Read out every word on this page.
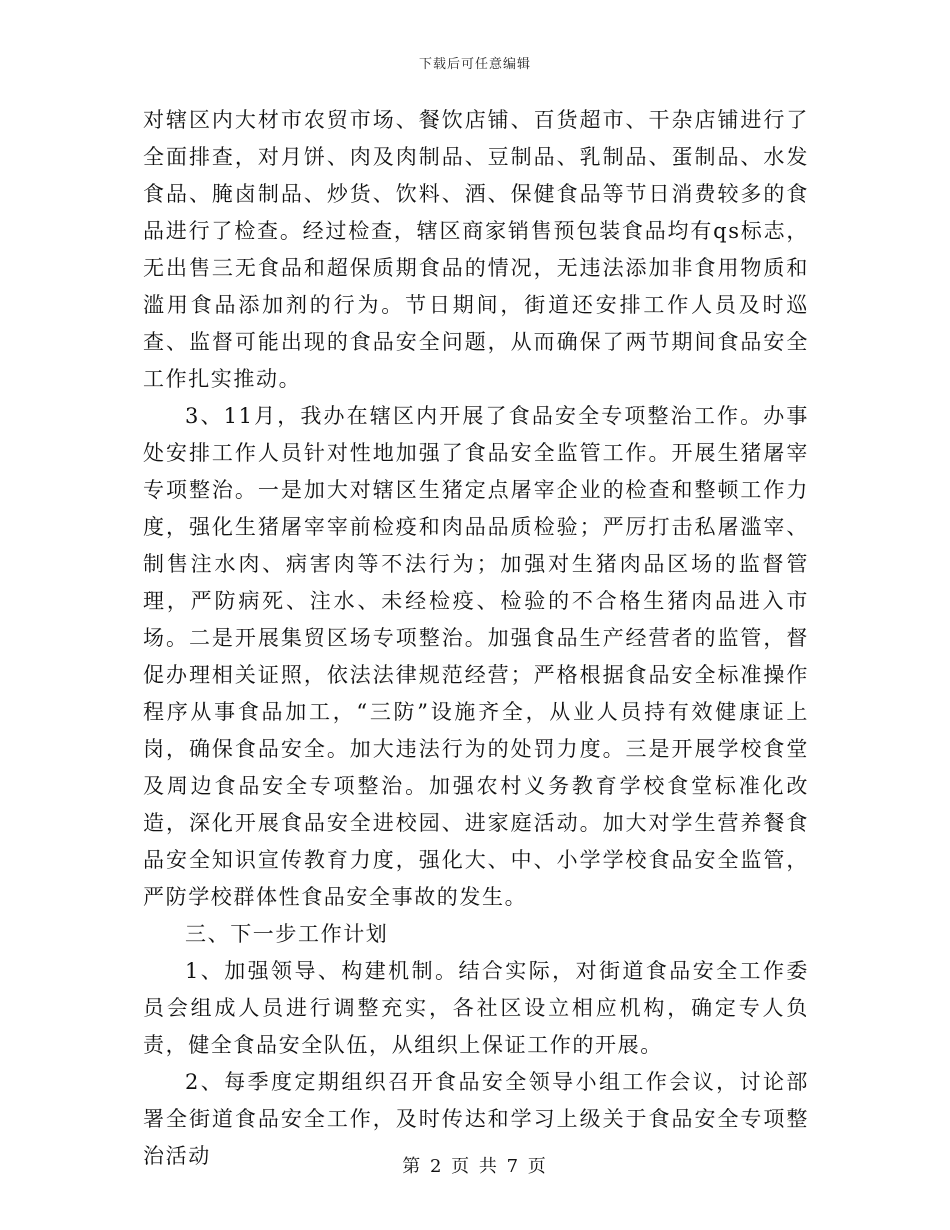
下载后可任意编辑

对辖区内大材市农贸市场、餐饮店铺、百货超市、干杂店铺进行了全面排查，对月饼、肉及肉制品、豆制品、乳制品、蛋制品、水发食品、腌卤制品、炒货、饮料、酒、保健食品等节日消费较多的食品进行了检查。经过检查，辖区商家销售预包装食品均有qs标志，无出售三无食品和超保质期食品的情况，无违法添加非食用物质和滥用食品添加剂的行为。节日期间，街道还安排工作人员及时巡查、监督可能出现的食品安全问题，从而确保了两节期间食品安全工作扎实推动。

3、11月，我办在辖区内开展了食品安全专项整治工作。办事处安排工作人员针对性地加强了食品安全监管工作。开展生猪屠宰专项整治。一是加大对辖区生猪定点屠宰企业的检查和整顿工作力度，强化生猪屠宰宰前检疫和肉品品质检验；严厉打击私屠滥宰、制售注水肉、病害肉等不法行为；加强对生猪肉品区场的监督管理，严防病死、注水、未经检疫、检验的不合格生猪肉品进入市场。二是开展集贸区场专项整治。加强食品生产经营者的监管，督促办理相关证照，依法法律规范经营；严格根据食品安全标准操作程序从事食品加工，“三防”设施齐全，从业人员持有效健康证上岗，确保食品安全。加大违法行为的处罚力度。三是开展学校食堂及周边食品安全专项整治。加强农村义务教育学校食堂标准化改造，深化开展食品安全进校园、进家庭活动。加大对学生营养餐食品安全知识宣传教育力度，强化大、中、小学学校食品安全监管，严防学校群体性食品安全事故的发生。

三、下一步工作计划

1、加强领导、构建机制。结合实际，对街道食品安全工作委员会组成人员进行调整充实，各社区设立相应机构，确定专人负责，健全食品安全队伍，从组织上保证工作的开展。

2、每季度定期组织召开食品安全领导小组工作会议，讨论部署全街道食品安全工作，及时传达和学习上级关于食品安全专项整治活动	第 2 页 共 7 页
